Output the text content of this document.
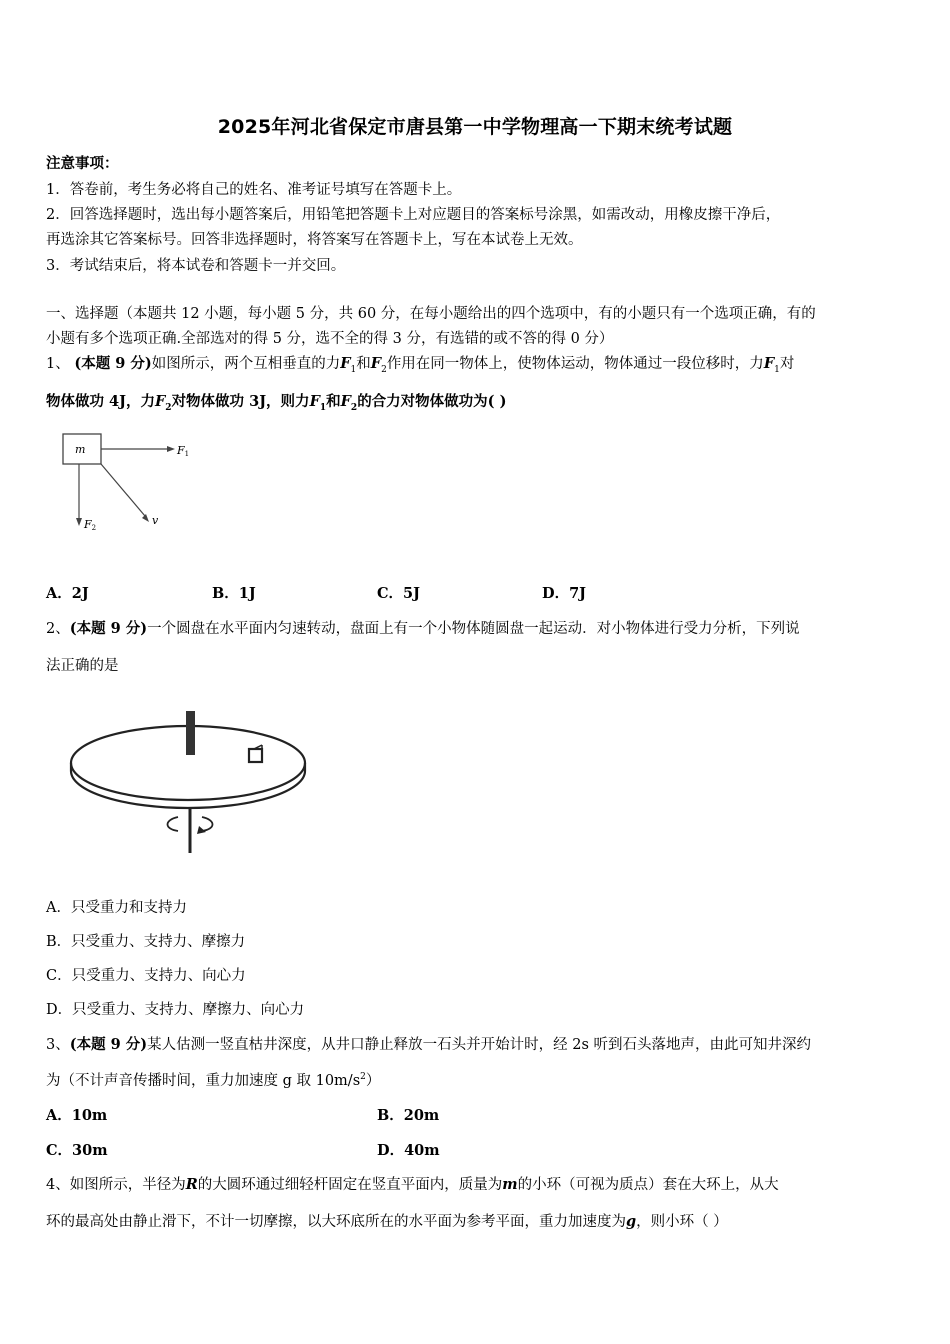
2025年河北省保定市唐县第一中学物理高一下期末统考试题
注意事项：
1．答卷前，考生务必将自己的姓名、准考证号填写在答题卡上。
2．回答选择题时，选出每小题答案后，用铅笔把答题卡上对应题目的答案标号涂黑，如需改动，用橡皮擦干净后，
再选涂其它答案标号。回答非选择题时，将答案写在答题卡上，写在本试卷上无效。
3．考试结束后，将本试卷和答题卡一并交回。
一、选择题（本题共 12 小题，每小题 5 分，共 60 分，在每小题给出的四个选项中，有的小题只有一个选项正确，有的
小题有多个选项正确.全部选对的得 5 分，选不全的得 3 分，有选错的或不答的得 0 分）
1、 (本题 9 分)如图所示，两个互相垂直的力$F_1$和$F_2$作用在同一物体上，使物体运动，物体通过一段位移时，力$F_1$对
物体做功 4J，力$F_2$对物体做功 3J，则力$F_1$和$F_2$的合力对物体做功为( )
m	F1
F2
v
A．2J	B．1J	C．5J	D．7J
2、(本题 9 分)一个圆盘在水平面内匀速转动，盘面上有一个小物体随圆盘一起运动．对小物体进行受力分析，下列说
法正确的是
A．只受重力和支持力
B．只受重力、支持力、摩擦力
C．只受重力、支持力、向心力
D．只受重力、支持力、摩擦力、向心力
3、(本题 9 分)某人估测一竖直枯井深度，从井口静止释放一石头并开始计时，经 2s 听到石头落地声，由此可知井深约
为（不计声音传播时间，重力加速度 g 取 $10m/s^2$）
A．10m	B．20m
C．30m	D．40m
4、如图所示，半径为R的大圆环通过细轻杆固定在竖直平面内，质量为m的小环（可视为质点）套在大环上，从大
环的最高处由静止滑下，不计一切摩擦，以大环底所在的水平面为参考平面，重力加速度为g，则小环（ ）
